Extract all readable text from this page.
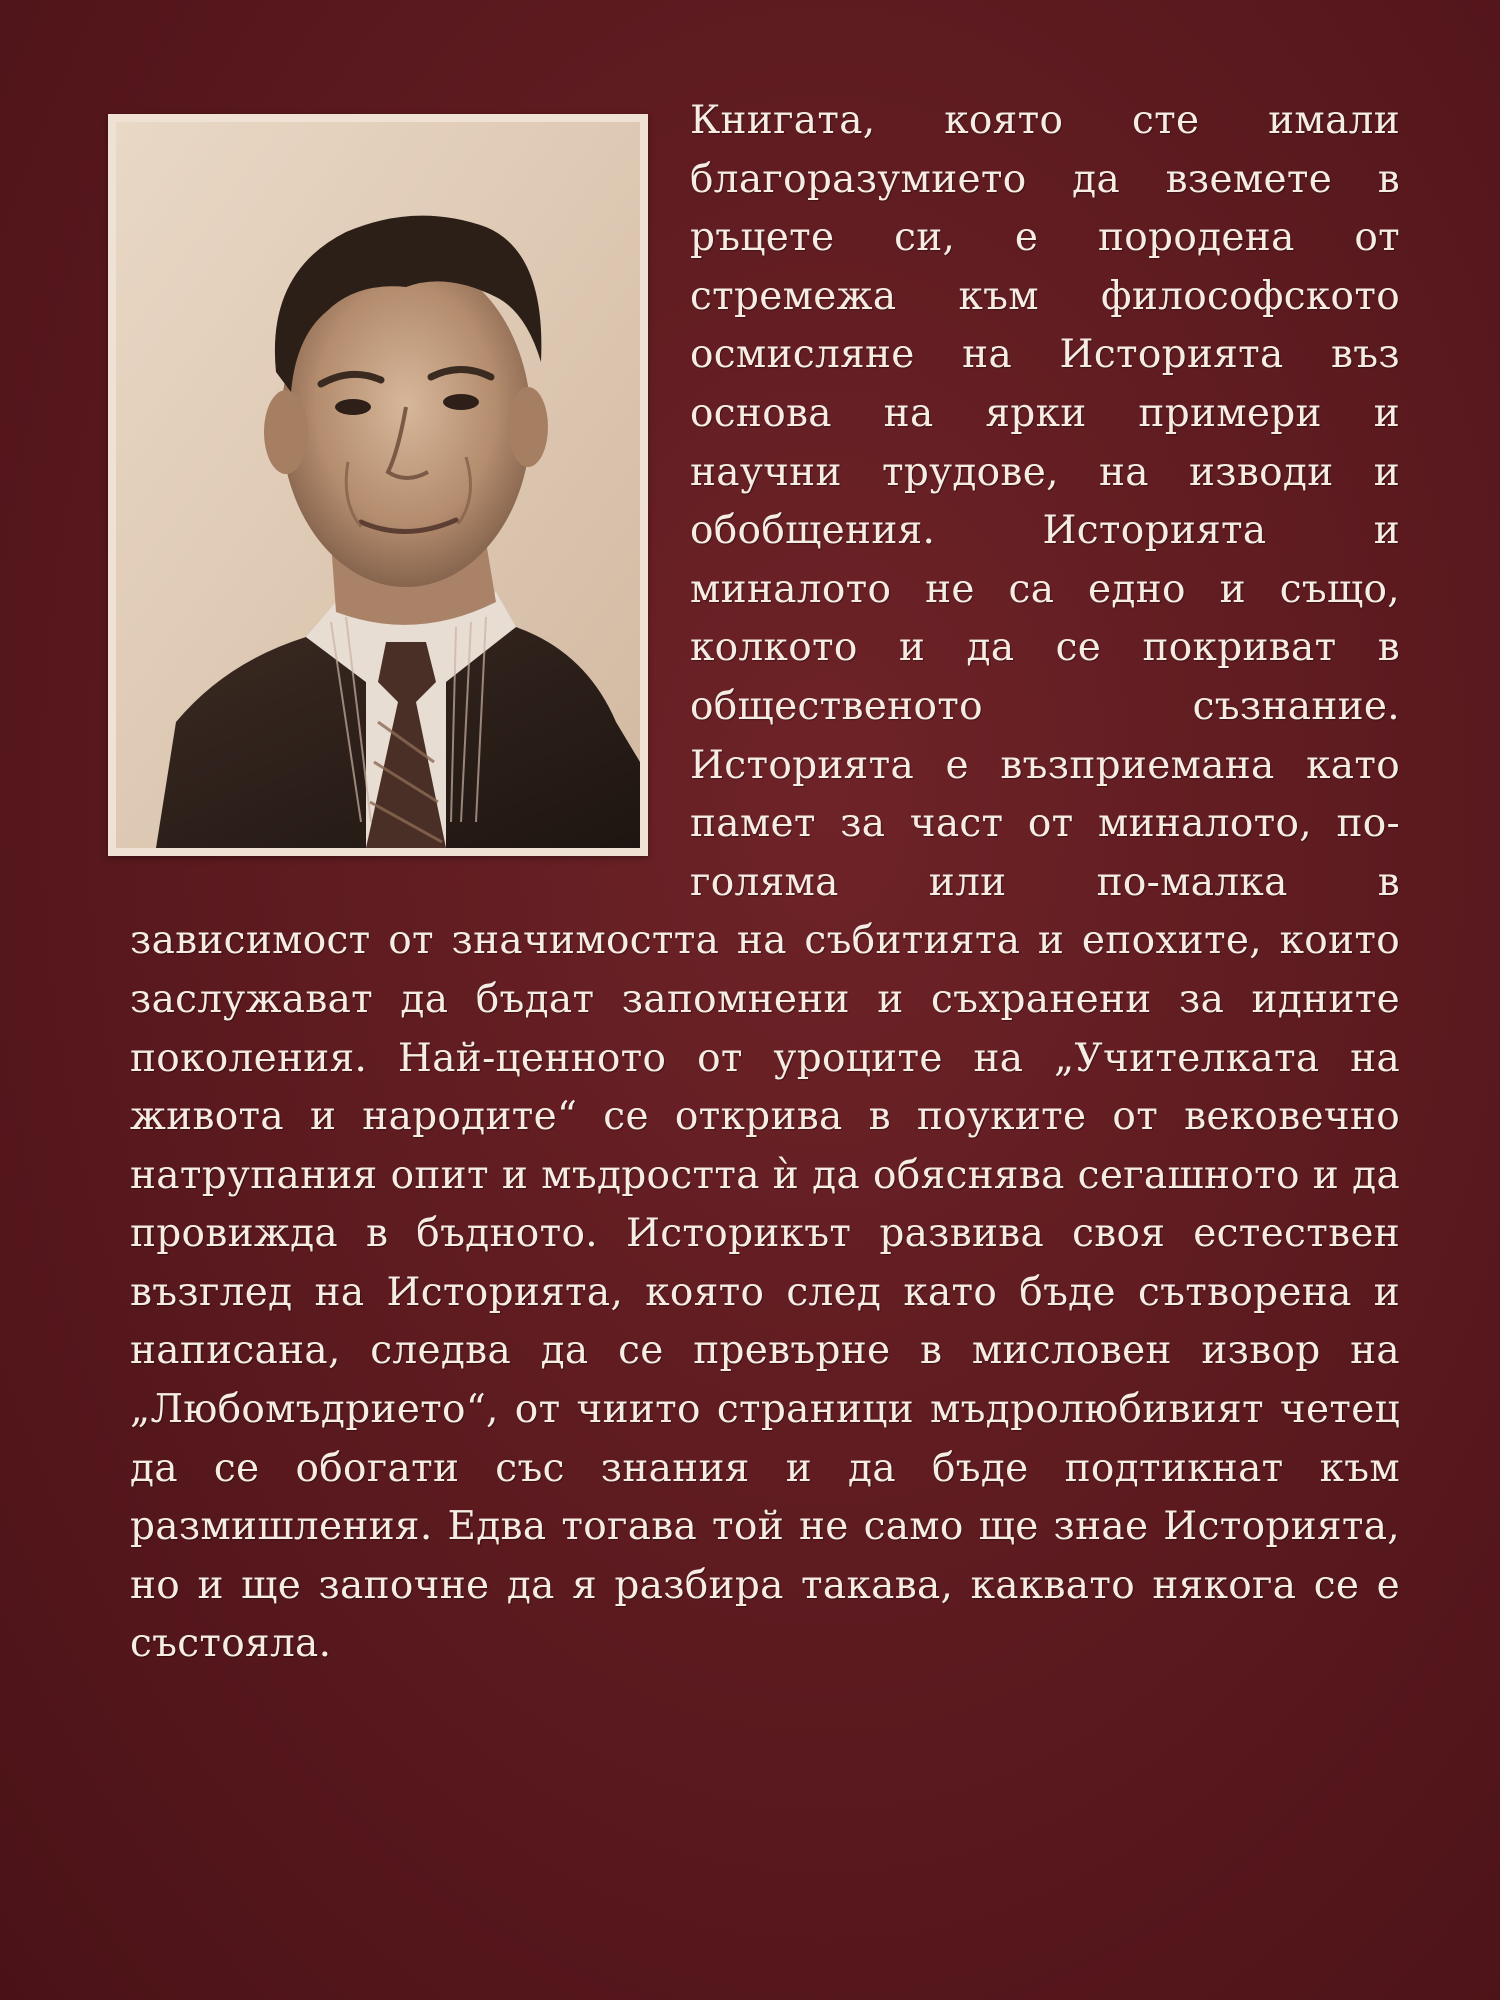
Книгата, която сте имали благоразумието да вземете в ръцете си, е породена от стремежа към философското осмисляне на Историята въз основа на ярки примери и научни трудове, на изводи и обобщения. Историята и миналото не са едно и също, колкото и да се покриват в общественото съзнание. Историята е възприемана като памет за част от миналото, по-голяма или по-малка в зависимост от значимостта на събитията и епохите, които заслужават да бъдат запомнени и съхранени за идните поколения. Най-ценното от уроците на „Учителката на живота и народите“ се открива в поуките от вековечно натрупания опит и мъдростта ѝ да обяснява сегашното и да провижда в бъдното. Историкът развива своя естествен възглед на Историята, която след като бъде сътворена и написана, следва да се превърне в мисловен извор на „Любомъдрието“, от чиито страници мъдролюбивият четец да се обогати със знания и да бъде подтикнат към размишления. Едва тогава той не само ще знае Историята, но и ще започне да я разбира такава, каквато някога се е състояла.
